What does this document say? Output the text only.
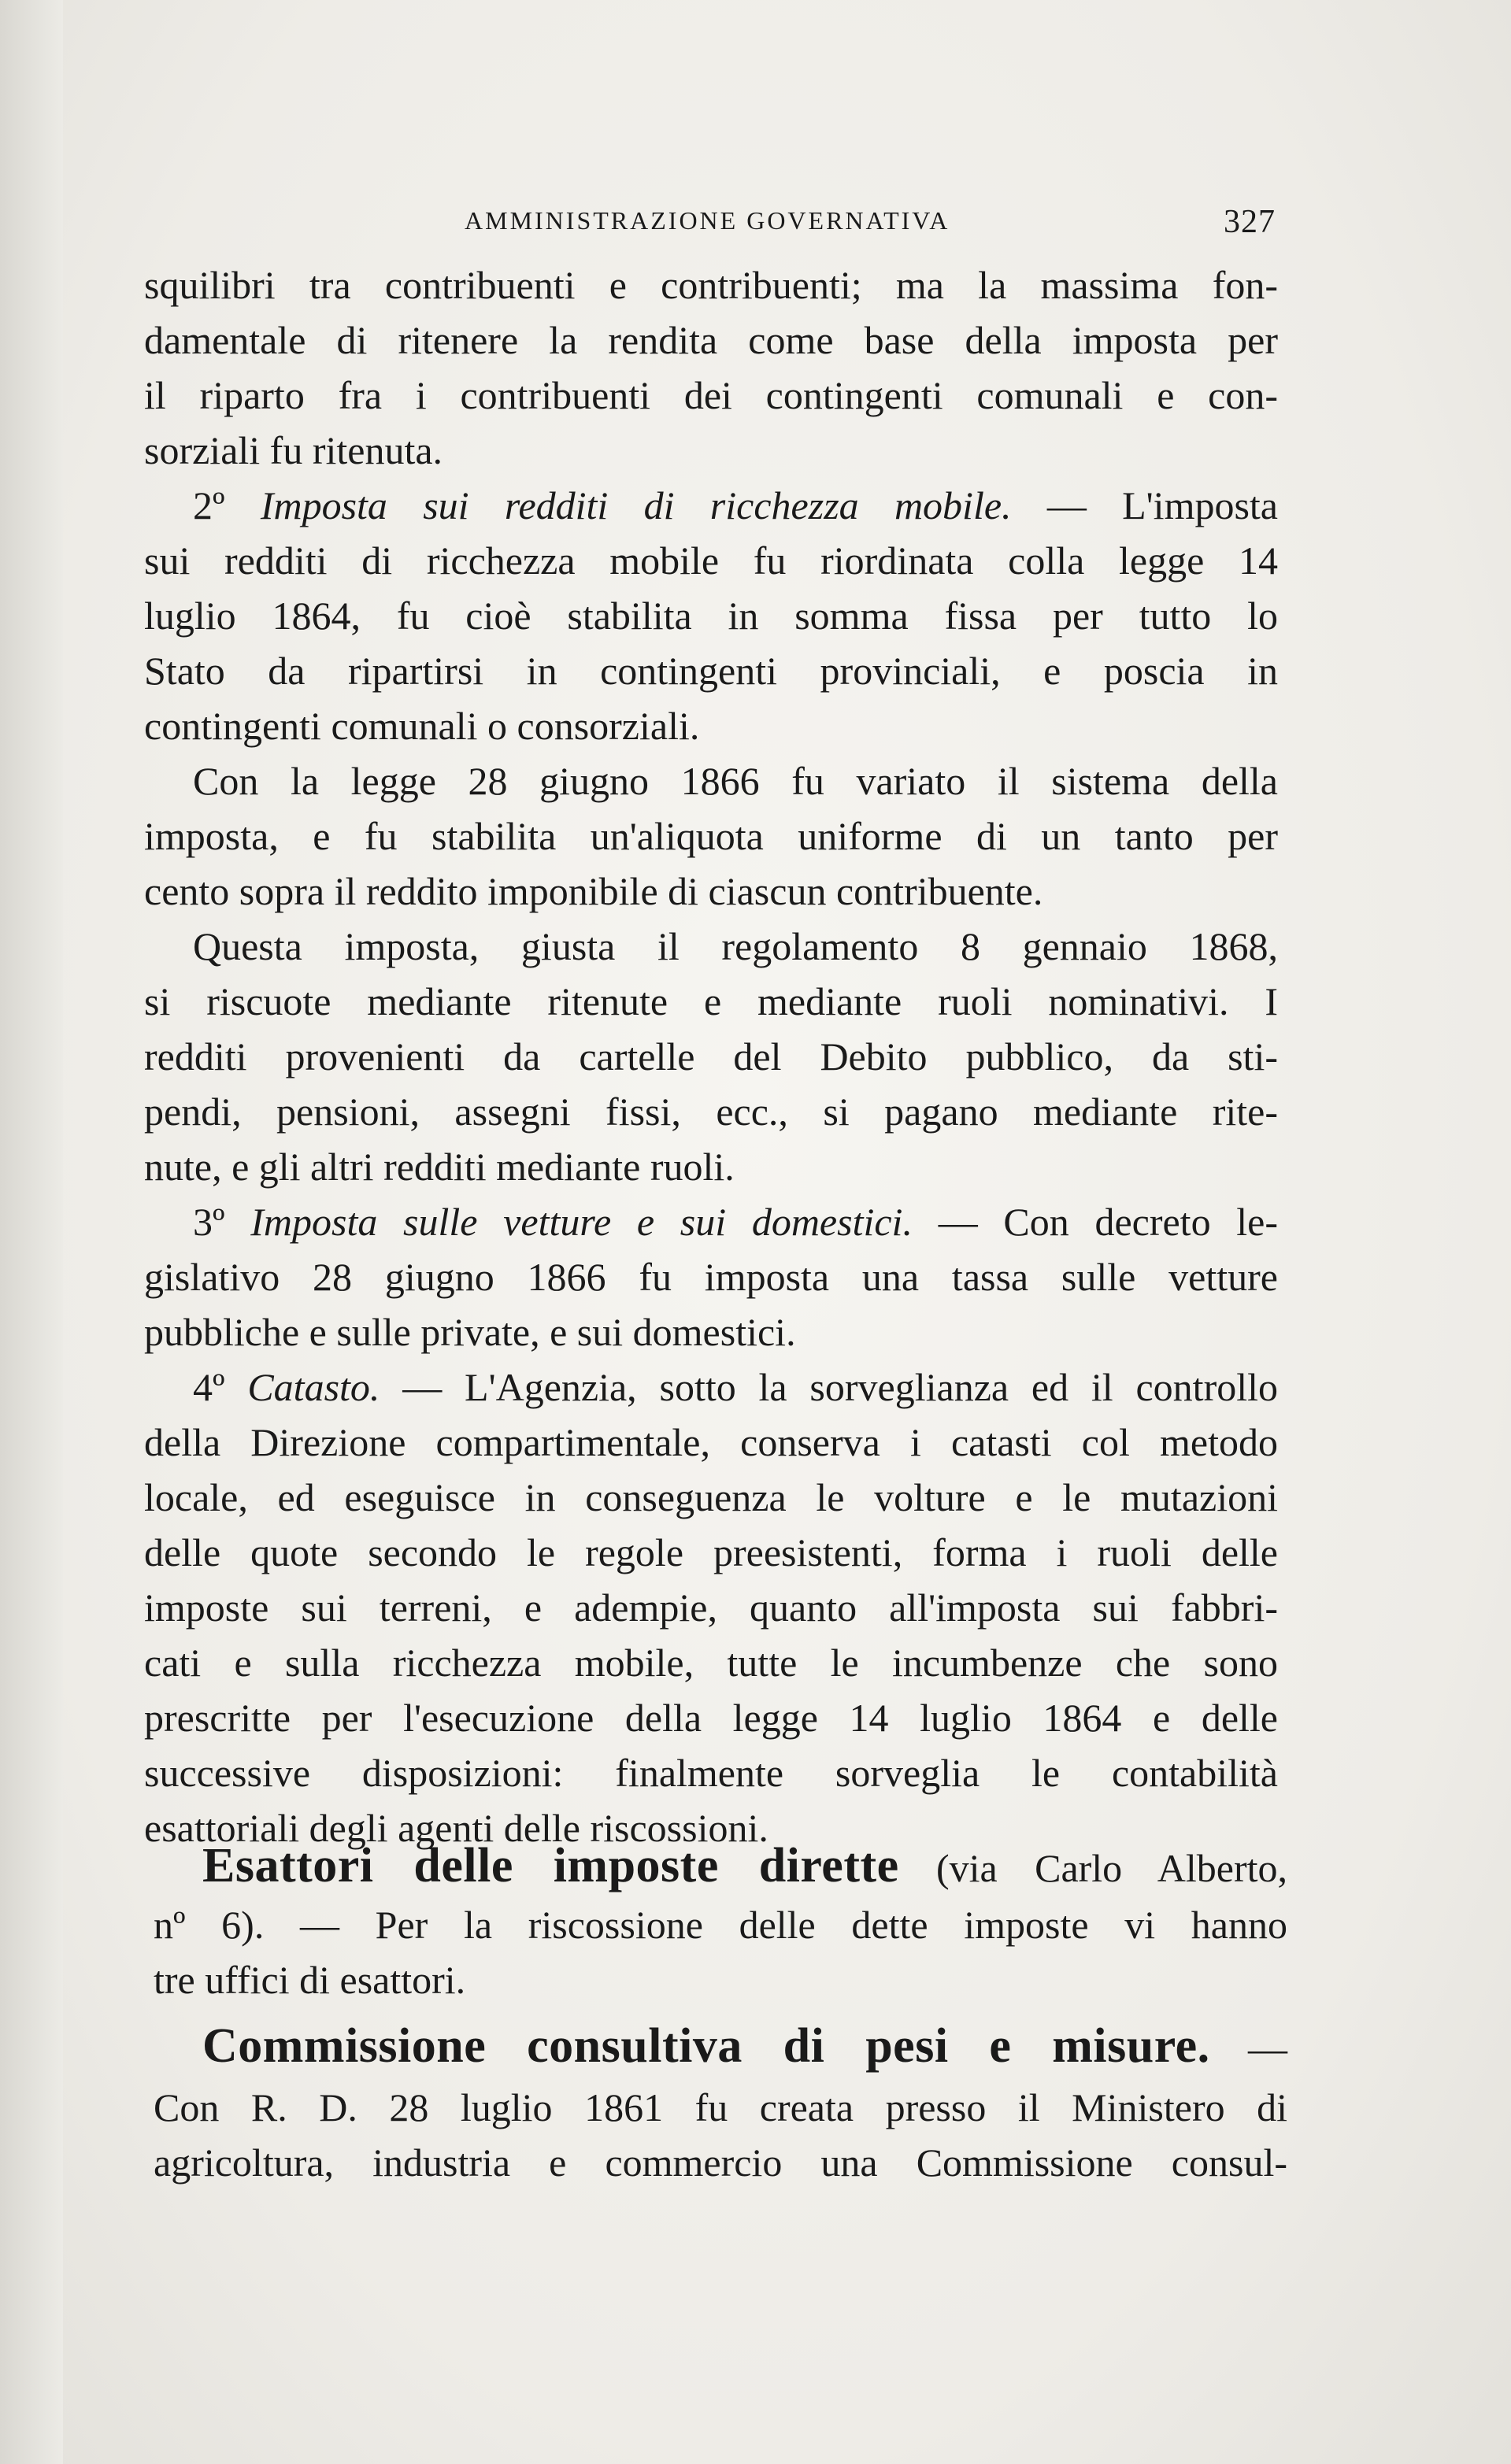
AMMINISTRAZIONE GOVERNATIVA	327
squilibri tra contribuenti e contribuenti; ma la massima fon-
damentale di ritenere la rendita come base della imposta per
il riparto fra i contribuenti dei contingenti comunali e con-
sorziali fu ritenuta.
2º Imposta sui redditi di ricchezza mobile. — L'imposta
sui redditi di ricchezza mobile fu riordinata colla legge 14
luglio 1864, fu cioè stabilita in somma fissa per tutto lo
Stato da ripartirsi in contingenti provinciali, e poscia in
contingenti comunali o consorziali.
Con la legge 28 giugno 1866 fu variato il sistema della
imposta, e fu stabilita un'aliquota uniforme di un tanto per
cento sopra il reddito imponibile di ciascun contribuente.
Questa imposta, giusta il regolamento 8 gennaio 1868,
si riscuote mediante ritenute e mediante ruoli nominativi. I
redditi provenienti da cartelle del Debito pubblico, da sti-
pendi, pensioni, assegni fissi, ecc., si pagano mediante rite-
nute, e gli altri redditi mediante ruoli.
3º Imposta sulle vetture e sui domestici. — Con decreto le-
gislativo 28 giugno 1866 fu imposta una tassa sulle vetture
pubbliche e sulle private, e sui domestici.
4º Catasto. — L'Agenzia, sotto la sorveglianza ed il controllo
della Direzione compartimentale, conserva i catasti col metodo
locale, ed eseguisce in conseguenza le volture e le mutazioni
delle quote secondo le regole preesistenti, forma i ruoli delle
imposte sui terreni, e adempie, quanto all'imposta sui fabbri-
cati e sulla ricchezza mobile, tutte le incumbenze che sono
prescritte per l'esecuzione della legge 14 luglio 1864 e delle
successive disposizioni: finalmente sorveglia le contabilità
esattoriali degli agenti delle riscossioni.
Esattori delle imposte dirette (via Carlo Alberto,
nº 6). — Per la riscossione delle dette imposte vi hanno
tre uffici di esattori.
Commissione consultiva di pesi e misure. —
Con R. D. 28 luglio 1861 fu creata presso il Ministero di
agricoltura, industria e commercio una Commissione consul-
